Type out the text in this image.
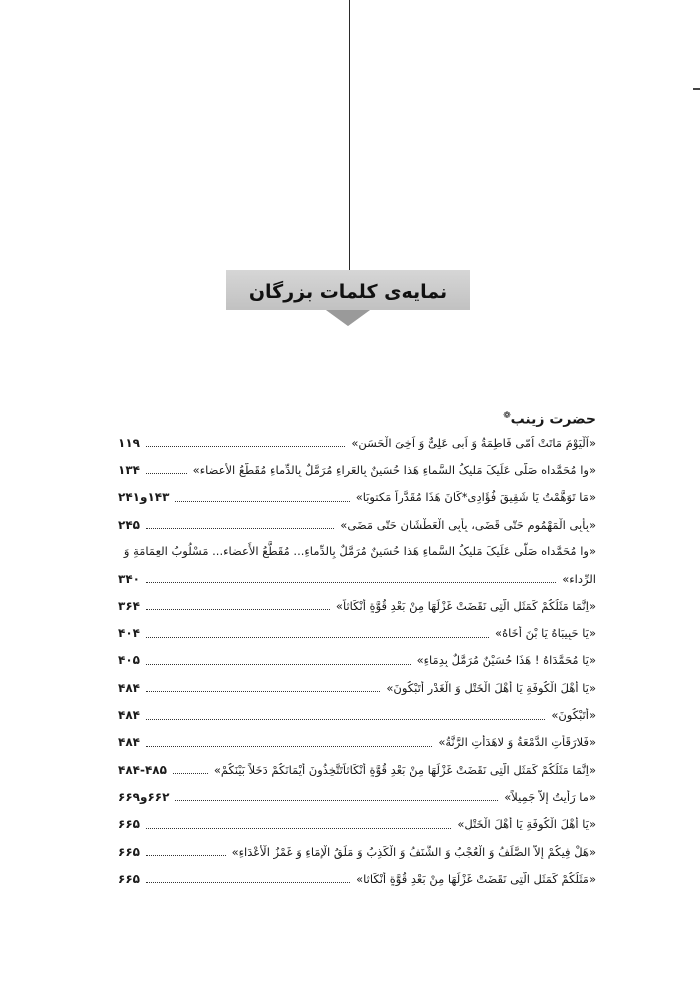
نمایه‌ی کلمات بزرگان
حضرت زینب❁
«اَلْیَوْمَ مَاتَتْ اُمّی فَاطِمَةُ وَ اَبی عَلِیٌّ وَ اَخِیَ الْحَسَنِ»
۱۱۹
«وا مُحَمَّداه صَلّی عَلَیکَ مَلیکُ السَّماءِ هَذا حُسَینٌ بِالعَراءِ مُرَمَّلٌ بِالدِّماءِ مُقَطَّعُ الأَعضاء»
۱۳۴
«مَا تَوَهَّمْتُ یَا شَقِیقَ فُؤَادِی*کَانَ هَذَا مُقَدَّراً مَکتوبَا»
۱۴۳و۲۴۱
«بِأَبِی الْمَهْمُومِ حَتّی قَضَی، بِأَبِی الْعَطْشَانِ حَتّی مَضَی»
۲۴۵
«وا مُحَمَّداه صَلّی عَلَیکَ مَلیکُ السَّماءِ هَذا حُسَینٌ مُرَمَّلٌ بِالدِّماءِ... مُقَطَّعُ الأَعضاء... مَسْلُوبُ العِمَامَةِ وَ
الرِّداء»
۳۴۰
«اِنَّمَا مَثَلُکُمْ کَمَثَلِ الَّتِی نَقَضَتْ غَزْلَهَا مِنْ بَعْدِ قُوَّةٍ أَنْکَاثاً»
۳۶۴
«یَا حَبِیبَاهُ یَا بْنَ أَخَاهُ»
۴۰۴
«یَا مُحَمَّدَاهُ ! هَذَا حُسَیْنٌ مُرَمَّلٌ بِدِمَاءِ»
۴۰۵
«یَا أَهْلَ الْکُوفَةِ یَا أَهْلَ الْخَتْلِ وَ الْغَدْرِ أَتَبْکُونَ»
۴۸۴
«أَتَبْکُونَ»
۴۸۴
«فَلارَقَأَتِ الدَّمْعَةُ وَ لاهَدَأَتِ الرَّنَّةُ»
۴۸۴
«اِنَّمَا مَثَلُکُمْ کَمَثَلِ الَّتِی نَقَضَتْ غَزْلَهَا مِنْ بَعْدِ قُوَّةٍ أَنْکَاثاًتَتَّخِذُونَ أَیْمَانَکُمْ دَخَلاً بَیْنَکُمْ»
۴۸۴-۴۸۵
«ما رَأَیتُ إلاّ جَمِیلاً»
۶۶۲و۶۶۹
«یَا أَهْلَ الْکُوفَةِ یَا أَهْلَ الْخَتْلِ»
۶۶۵
«هَلْ فِیکُمْ إِلاَّ الصَّلَفُ وَ الْعُجْبُ وَ الشَّنَفُ وَ الْکَذِبُ وَ مَلَقُ الْإِمَاءِ وَ غَمْزُ الْأَعْدَاءِ»
۶۶۵
«مَثَلُکُمْ کَمَثَلِ الَّتِی نَقَضَتْ غَزْلَهَا مِنْ بَعْدِ قُوَّةٍ أَنْکَاثا»
۶۶۵
